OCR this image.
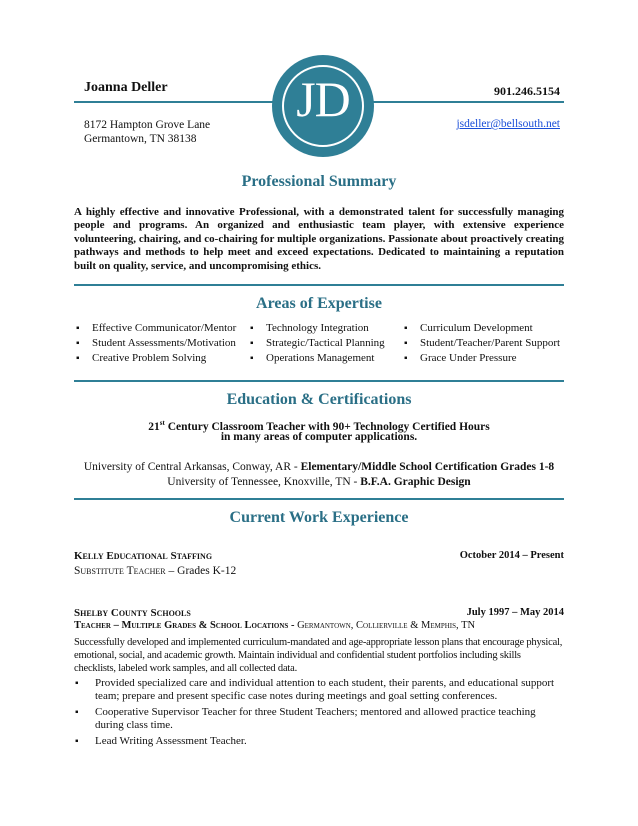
Joanna Deller	901.246.5154
JD
8172 Hampton Grove Lane
Germantown, TN 38138
jsdeller@bellsouth.net
Professional Summary
A highly effective and innovative Professional, with a demonstrated talent for successfully managing people and programs. An organized and enthusiastic team player, with extensive experience volunteering, chairing, and co-chairing for multiple organizations. Passionate about proactively creating pathways and methods to help meet and exceed expectations. Dedicated to maintaining a reputation built on quality, service, and uncompromising ethics.
Areas of Expertise
▪ Effective Communicator/Mentor
▪ Student Assessments/Motivation
▪ Creative Problem Solving
▪ Technology Integration
▪ Strategic/Tactical Planning
▪ Operations Management
▪ Curriculum Development
▪ Student/Teacher/Parent Support
▪ Grace Under Pressure
Education & Certifications
21st Century Classroom Teacher with 90+ Technology Certified Hours
in many areas of computer applications.
University of Central Arkansas, Conway, AR - Elementary/Middle School Certification Grades 1-8
University of Tennessee, Knoxville, TN - B.F.A. Graphic Design
Current Work Experience
Kelly Educational Staffing	October 2014 – Present
Substitute Teacher – Grades K-12
Shelby County Schools	July 1997 – May 2014
Teacher – Multiple Grades & School Locations - Germantown, Collierville & Memphis, TN
Successfully developed and implemented curriculum-mandated and age-appropriate lesson plans that encourage physical, emotional, social, and academic growth. Maintain individual and confidential student portfolios including skills checklists, labeled work samples, and all collected data.
▪ Provided specialized care and individual attention to each student, their parents, and educational support team; prepare and present specific case notes during meetings and goal setting conferences.
▪ Cooperative Supervisor Teacher for three Student Teachers; mentored and allowed practice teaching during class time.
▪ Lead Writing Assessment Teacher.
